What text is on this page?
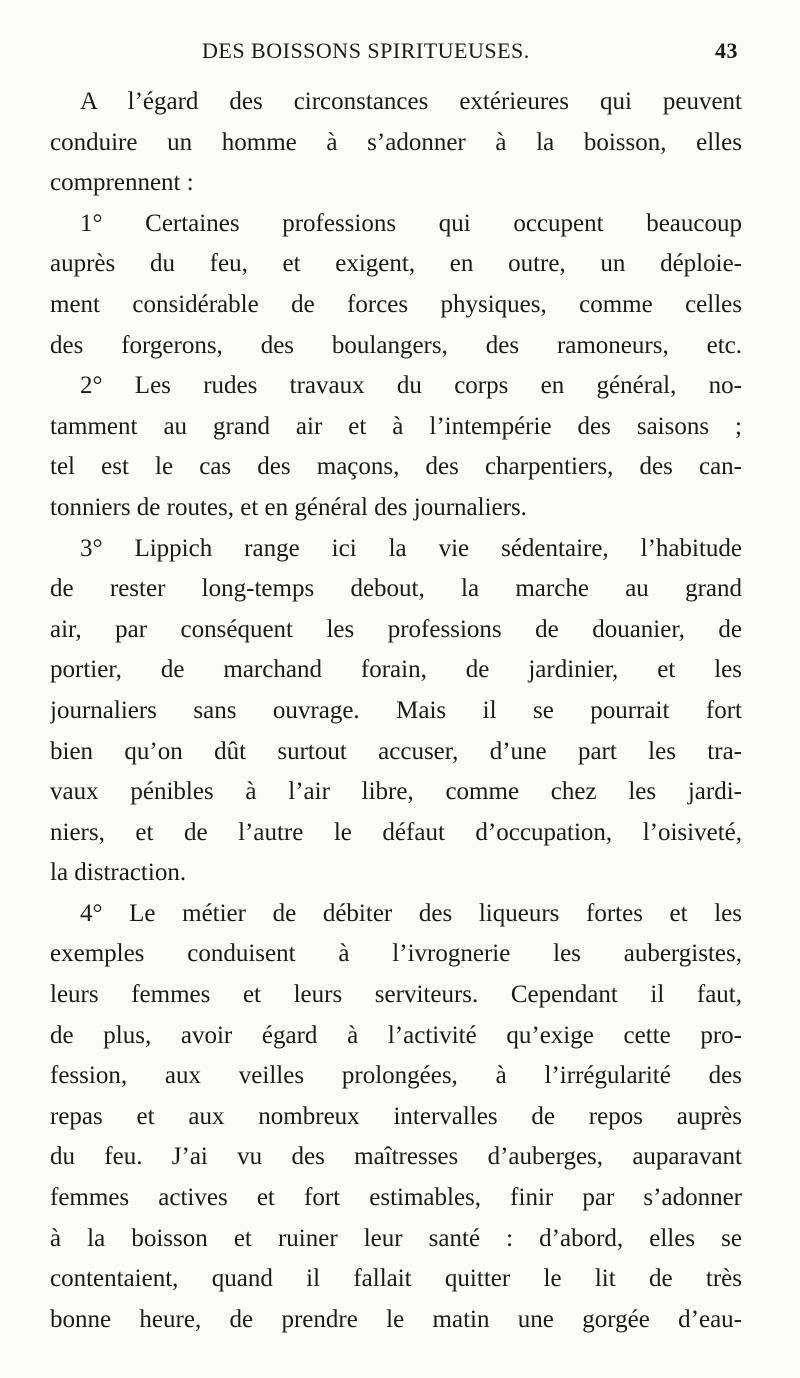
DES BOISSONS SPIRITUEUSES.	43
A l’égard des circonstances extérieures qui peuvent
conduire un homme à s’adonner à la boisson, elles
comprennent :
1° Certaines professions qui occupent beaucoup
auprès du feu, et exigent, en outre, un déploie-
ment considérable de forces physiques, comme celles
des forgerons, des boulangers, des ramoneurs, etc.
2° Les rudes travaux du corps en général, no-
tamment au grand air et à l’intempérie des saisons ;
tel est le cas des maçons, des charpentiers, des can-
tonniers de routes, et en général des journaliers.
3° Lippich range ici la vie sédentaire, l’habitude
de rester long-temps debout, la marche au grand
air, par conséquent les professions de douanier, de
portier, de marchand forain, de jardinier, et les
journaliers sans ouvrage. Mais il se pourrait fort
bien qu’on dût surtout accuser, d’une part les tra-
vaux pénibles à l’air libre, comme chez les jardi-
niers, et de l’autre le défaut d’occupation, l’oisiveté,
la distraction.
4° Le métier de débiter des liqueurs fortes et les
exemples conduisent à l’ivrognerie les aubergistes,
leurs femmes et leurs serviteurs. Cependant il faut,
de plus, avoir égard à l’activité qu’exige cette pro-
fession, aux veilles prolongées, à l’irrégularité des
repas et aux nombreux intervalles de repos auprès
du feu. J’ai vu des maîtresses d’auberges, auparavant
femmes actives et fort estimables, finir par s’adonner
à la boisson et ruiner leur santé : d’abord, elles se
contentaient, quand il fallait quitter le lit de très
bonne heure, de prendre le matin une gorgée d’eau-
